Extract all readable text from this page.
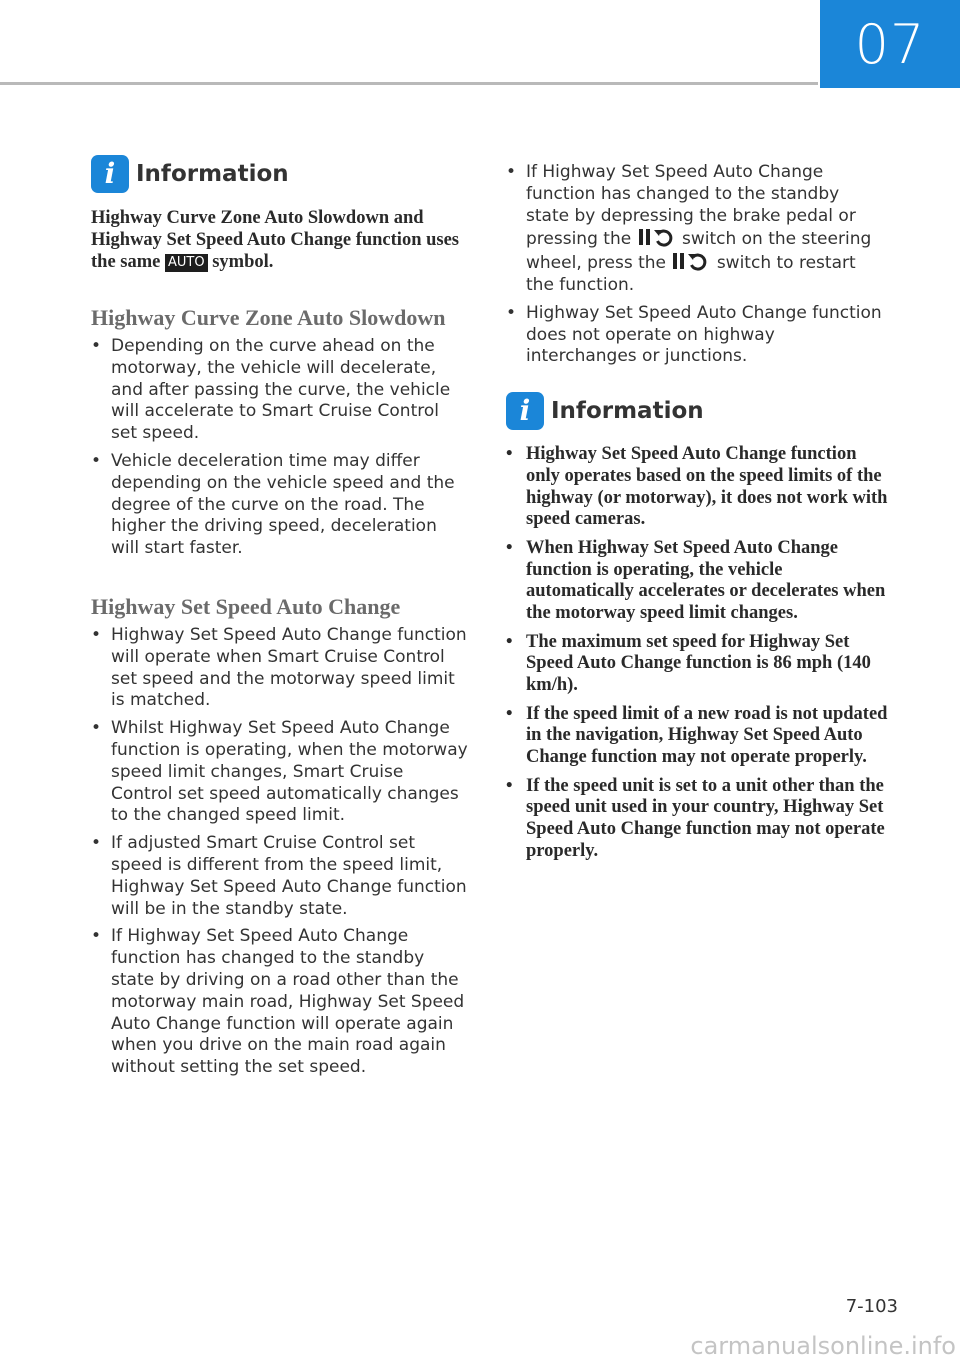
07
i Information

Highway Curve Zone Auto Slowdown and Highway Set Speed Auto Change function uses the same AUTO symbol.

Highway Curve Zone Auto Slowdown
• Depending on the curve ahead on the motorway, the vehicle will decelerate, and after passing the curve, the vehicle will accelerate to Smart Cruise Control set speed.
• Vehicle deceleration time may differ depending on the vehicle speed and the degree of the curve on the road. The higher the driving speed, deceleration will start faster.
Highway Set Speed Auto Change
• Highway Set Speed Auto Change function will operate when Smart Cruise Control set speed and the motorway speed limit is matched.
• Whilst Highway Set Speed Auto Change function is operating, when the motorway speed limit changes, Smart Cruise Control set speed automatically changes to the changed speed limit.
• If adjusted Smart Cruise Control set speed is different from the speed limit, Highway Set Speed Auto Change function will be in the standby state.
• If Highway Set Speed Auto Change function has changed to the standby state by driving on a road other than the motorway main road, Highway Set Speed Auto Change function will operate again when you drive on the main road again without setting the set speed.
• If Highway Set Speed Auto Change function has changed to the standby state by depressing the brake pedal or pressing the  switch on the steering wheel, press the  switch to restart the function.
• Highway Set Speed Auto Change function does not operate on highway interchanges or junctions.
i Information
• Highway Set Speed Auto Change function only operates based on the speed limits of the highway (or motorway), it does not work with speed cameras.
• When Highway Set Speed Auto Change function is operating, the vehicle automatically accelerates or decelerates when the motorway speed limit changes.
• The maximum set speed for Highway Set Speed Auto Change function is 86 mph (140 km/h).
• If the speed limit of a new road is not updated in the navigation, Highway Set Speed Auto Change function may not operate properly.
• If the speed unit is set to a unit other than the speed unit used in your country, Highway Set Speed Auto Change function may not operate properly.
7-103
carmanualsonline.info
